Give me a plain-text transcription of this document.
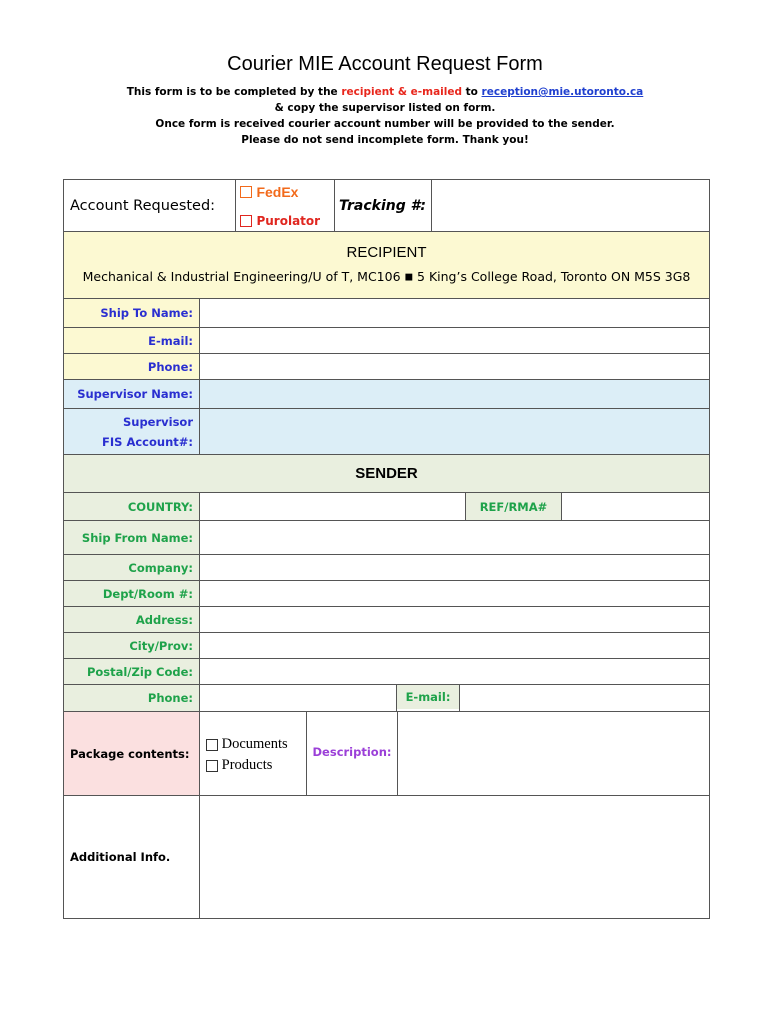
Courier MIE Account Request Form
This form is to be completed by the recipient & e-mailed to reception@mie.utoronto.ca
& copy the supervisor listed on form.
Once form is received courier account number will be provided to the sender.
Please do not send incomplete form. Thank you!
Account Requested:
FedEx
Purolator
Tracking #:
RECIPIENT
Mechanical & Industrial Engineering/U of T, MC106 ■ 5 King’s College Road, Toronto ON M5S 3G8
Ship To Name:
E-mail:
Phone:
Supervisor Name:
Supervisor
FIS Account#:
SENDER
COUNTRY:	REF/RMA#
Ship From Name:
Company:
Dept/Room #:
Address:
City/Prov:
Postal/Zip Code:
Phone:	E-mail:
Package contents:
Documents
Products
Description:
Additional Info.
